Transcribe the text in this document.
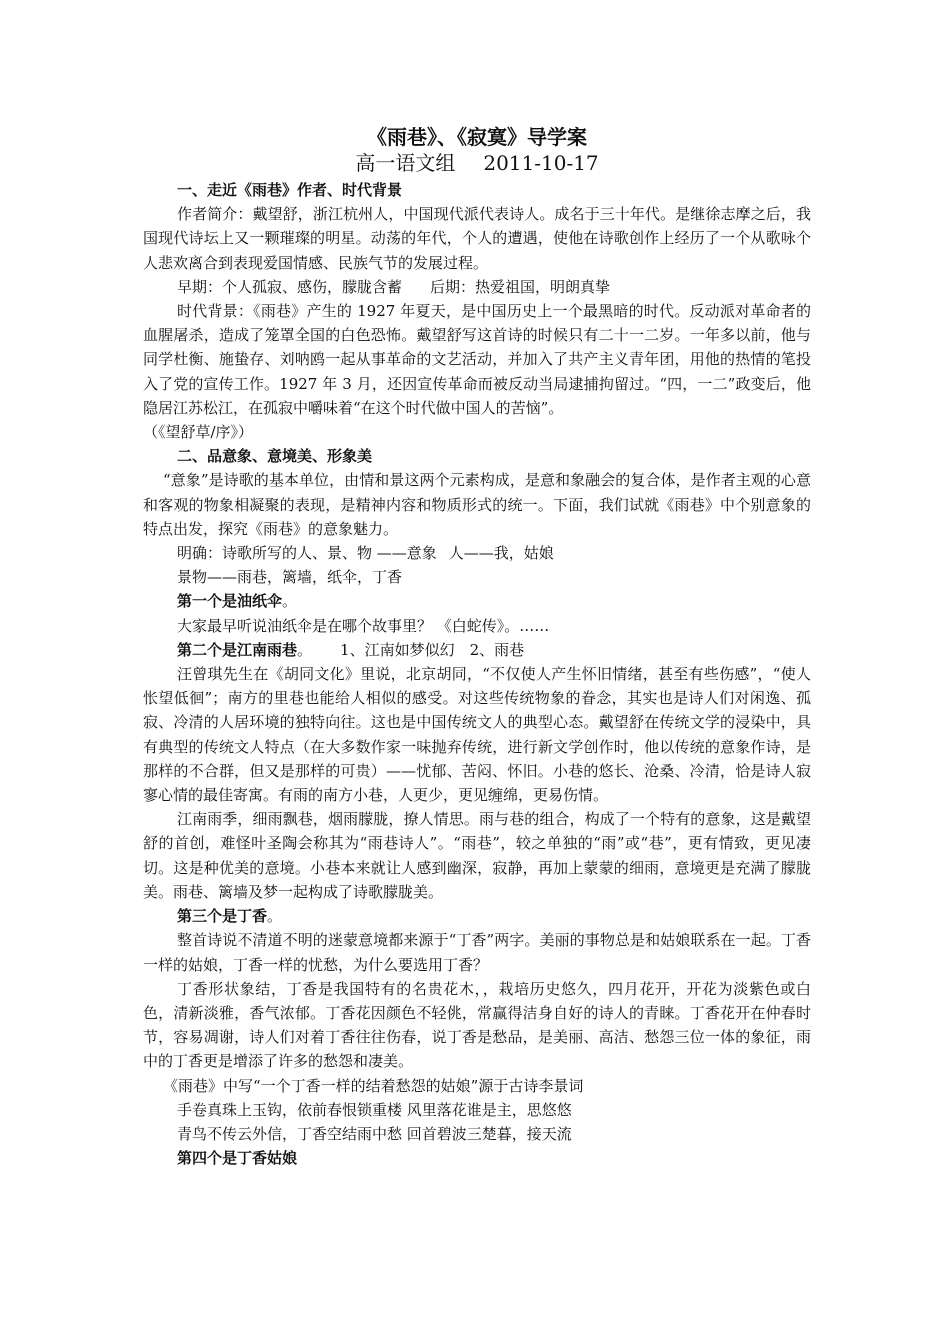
《雨巷》、《寂寞》导学案

高一语文组 2011-10-17

一、走近《雨巷》作者、时代背景

作者简介：戴望舒，浙江杭州人，中国现代派代表诗人。成名于三十年代。是继徐志摩之后，我国现代诗坛上又一颗璀璨的明星。动荡的年代，个人的遭遇，使他在诗歌创作上经历了一个从歌咏个人悲欢离合到表现爱国情感、民族气节的发展过程。

早期：个人孤寂、感伤，朦胧含蓄 后期：热爱祖国，明朗真挚

时代背景：《雨巷》产生的 1927 年夏天，是中国历史上一个最黑暗的时代。反动派对革命者的血腥屠杀，造成了笼罩全国的白色恐怖。戴望舒写这首诗的时候只有二十一二岁。一年多以前，他与同学杜衡、施蛰存、刘呐鸥一起从事革命的文艺活动，并加入了共产主义青年团，用他的热情的笔投入了党的宣传工作。1927 年 3 月，还因宣传革命而被反动当局逮捕拘留过。“四，一二”政变后，他隐居江苏松江，在孤寂中嚼味着“在这个时代做中国人的苦恼”。

（《望舒草/序》）

二、品意象、意境美、形象美

“意象”是诗歌的基本单位，由情和景这两个元素构成，是意和象融会的复合体，是作者主观的心意和客观的物象相凝聚的表现，是精神内容和物质形式的统一。下面，我们试就《雨巷》中个别意象的特点出发，探究《雨巷》的意象魅力。

明确：诗歌所写的人、景、物 ——意象 人——我，姑娘

景物——雨巷，篱墙，纸伞，丁香

第一个是油纸伞。

大家最早听说油纸伞是在哪个故事里？ 《白蛇传》。……

第二个是江南雨巷。 1、江南如梦似幻　2、雨巷

汪曾琪先生在《胡同文化》里说，北京胡同，“不仅使人产生怀旧情绪，甚至有些伤感”，“使人怅望低徊”；南方的里巷也能给人相似的感受。对这些传统物象的眷念，其实也是诗人们对闲逸、孤寂、冷清的人居环境的独特向往。这也是中国传统文人的典型心态。戴望舒在传统文学的浸染中，具有典型的传统文人特点（在大多数作家一味抛弃传统，进行新文学创作时，他以传统的意象作诗，是那样的不合群，但又是那样的可贵）——忧郁、苦闷、怀旧。小巷的悠长、沧桑、冷清，恰是诗人寂寥心情的最佳寄寓。有雨的南方小巷，人更少，更见缠绵，更易伤情。

江南雨季，细雨飘巷，烟雨朦胧，撩人情思。雨与巷的组合，构成了一个特有的意象，这是戴望舒的首创，难怪叶圣陶会称其为“雨巷诗人”。“雨巷”，较之单独的“雨”或“巷”，更有情致，更见凄切。这是种优美的意境。小巷本来就让人感到幽深，寂静，再加上蒙蒙的细雨，意境更是充满了朦胧美。雨巷、篱墙及梦一起构成了诗歌朦胧美。

第三个是丁香。

整首诗说不清道不明的迷蒙意境都来源于“丁香”两字。美丽的事物总是和姑娘联系在一起。丁香一样的姑娘，丁香一样的忧愁，为什么要选用丁香？

丁香形状象结，丁香是我国特有的名贵花木，，栽培历史悠久，四月花开，开花为淡紫色或白色，清新淡雅，香气浓郁。丁香花因颜色不轻佻，常赢得洁身自好的诗人的青睐。丁香花开在仲春时节，容易凋谢，诗人们对着丁香往往伤春，说丁香是愁品，是美丽、高洁、愁怨三位一体的象征，雨中的丁香更是增添了许多的愁怨和凄美。

《雨巷》中写“一个丁香一样的结着愁怨的姑娘”源于古诗李景词

手卷真珠上玉钩，依前春恨锁重楼 风里落花谁是主，思悠悠

青鸟不传云外信，丁香空结雨中愁 回首碧波三楚暮，接天流

第四个是丁香姑娘
